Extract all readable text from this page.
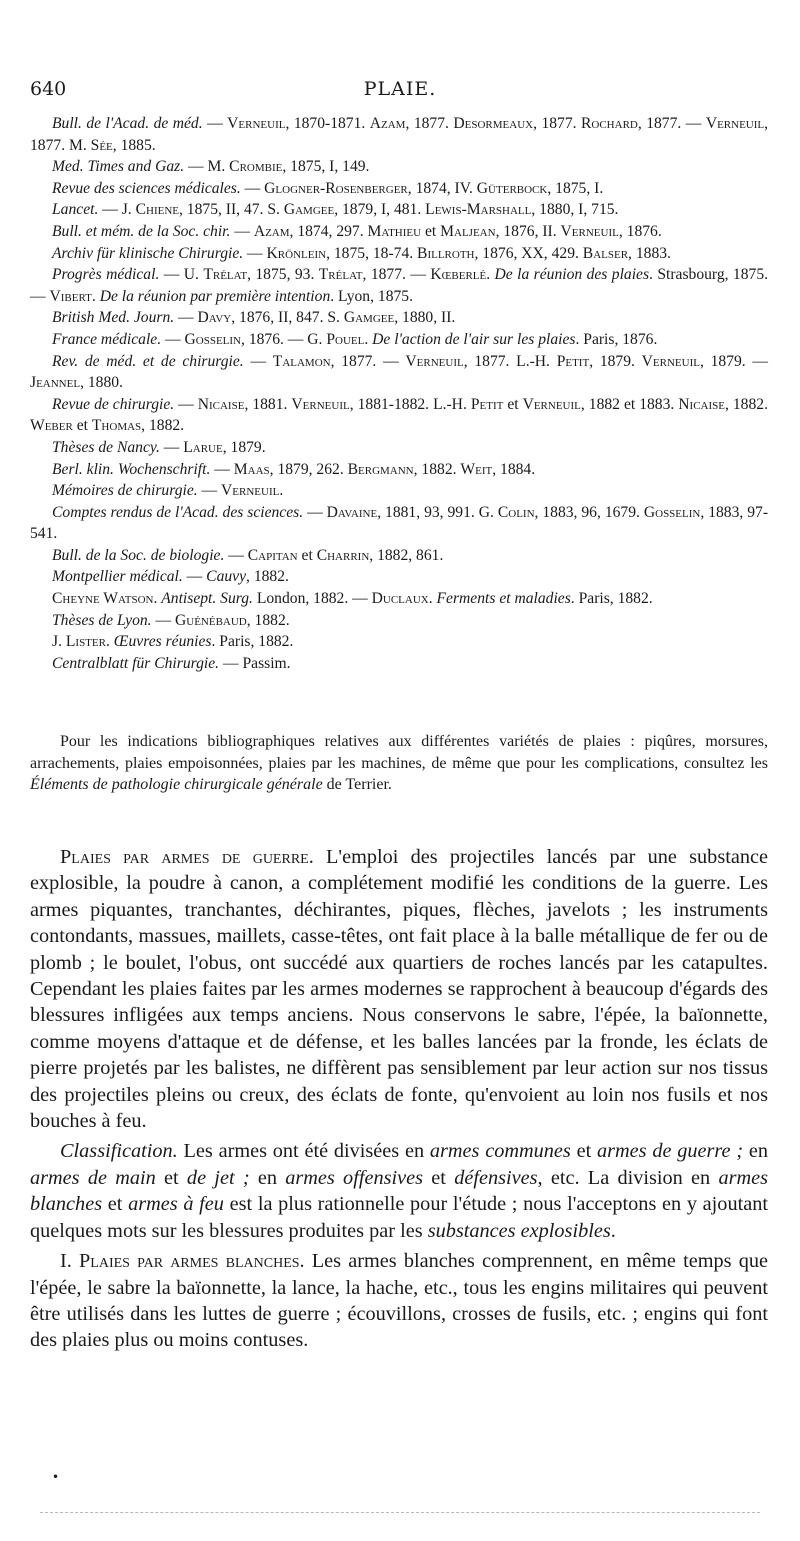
640	PLAIE.

Bull. de l'Acad. de méd. — Verneuil, 1870-1871. Azam, 1877. Desormeaux, 1877. Rochard, 1877. — Verneuil, 1877. M. Sée, 1885.

Med. Times and Gaz. — M. Crombie, 1875, I, 149.

Revue des sciences médicales. — Glogner-Rosenberger, 1874, IV. Güterbock, 1875, I.

Lancet. — J. Chiene, 1875, II, 47. S. Gamgee, 1879, I, 481. Lewis-Marshall, 1880, I, 715.

Bull. et mém. de la Soc. chir. — Azam, 1874, 297. Mathieu et Maljean, 1876, II. Verneuil, 1876.

Archiv für klinische Chirurgie. — Krönlein, 1875, 18-74. Billroth, 1876, XX, 429. Balser, 1883.

Progrès médical. — U. Trélat, 1875, 93. Trélat, 1877. — Kœberlé. De la réunion des plaies. Strasbourg, 1875. — Vibert. De la réunion par première intention. Lyon, 1875.

British Med. Journ. — Davy, 1876, II, 847. S. Gamgee, 1880, II.

France médicale. — Gosselin, 1876. — G. Pouel. De l'action de l'air sur les plaies. Paris, 1876.

Rev. de méd. et de chirurgie. — Talamon, 1877. — Verneuil, 1877. L.-H. Petit, 1879. Verneuil, 1879. — Jeannel, 1880.

Revue de chirurgie. — Nicaise, 1881. Verneuil, 1881-1882. L.-H. Petit et Verneuil, 1882 et 1883. Nicaise, 1882. Weber et Thomas, 1882.

Thèses de Nancy. — Larue, 1879.

Berl. klin. Wochenschrift. — Maas, 1879, 262. Bergmann, 1882. Weit, 1884.

Mémoires de chirurgie. — Verneuil.

Comptes rendus de l'Acad. des sciences. — Davaine, 1881, 93, 991. G. Colin, 1883, 96, 1679. Gosselin, 1883, 97-541.

Bull. de la Soc. de biologie. — Capitan et Charrin, 1882, 861.

Montpellier médical. — Cauvy, 1882.

Cheyne Watson. Antisept. Surg. London, 1882. — Duclaux. Ferments et maladies. Paris, 1882.

Thèses de Lyon. — Guénébaud, 1882.

J. Lister. Œuvres réunies. Paris, 1882.

Centralblatt für Chirurgie. — Passim.

Pour les indications bibliographiques relatives aux différentes variétés de plaies : piqûres, morsures, arrachements, plaies empoisonnées, plaies par les machines, de même que pour les complications, consultez les Éléments de pathologie chirurgicale générale de Terrier.

Plaies par armes de guerre. L'emploi des projectiles lancés par une substance explosible, la poudre à canon, a complétement modifié les conditions de la guerre. Les armes piquantes, tranchantes, déchirantes, piques, flèches, javelots ; les instruments contondants, massues, maillets, casse-têtes, ont fait place à la balle métallique de fer ou de plomb ; le boulet, l'obus, ont succédé aux quartiers de roches lancés par les catapultes. Cependant les plaies faites par les armes modernes se rapprochent à beaucoup d'égards des blessures infligées aux temps anciens. Nous conservons le sabre, l'épée, la baïonnette, comme moyens d'attaque et de défense, et les balles lancées par la fronde, les éclats de pierre projetés par les balistes, ne diffèrent pas sensiblement par leur action sur nos tissus des projectiles pleins ou creux, des éclats de fonte, qu'envoient au loin nos fusils et nos bouches à feu.

Classification. Les armes ont été divisées en armes communes et armes de guerre ; en armes de main et de jet ; en armes offensives et défensives, etc. La division en armes blanches et armes à feu est la plus rationnelle pour l'étude ; nous l'acceptons en y ajoutant quelques mots sur les blessures produites par les substances explosibles.

I. Plaies par armes blanches. Les armes blanches comprennent, en même temps que l'épée, le sabre la baïonnette, la lance, la hache, etc., tous les engins militaires qui peuvent être utilisés dans les luttes de guerre ; écouvillons, crosses de fusils, etc. ; engins qui font des plaies plus ou moins contuses.

•
